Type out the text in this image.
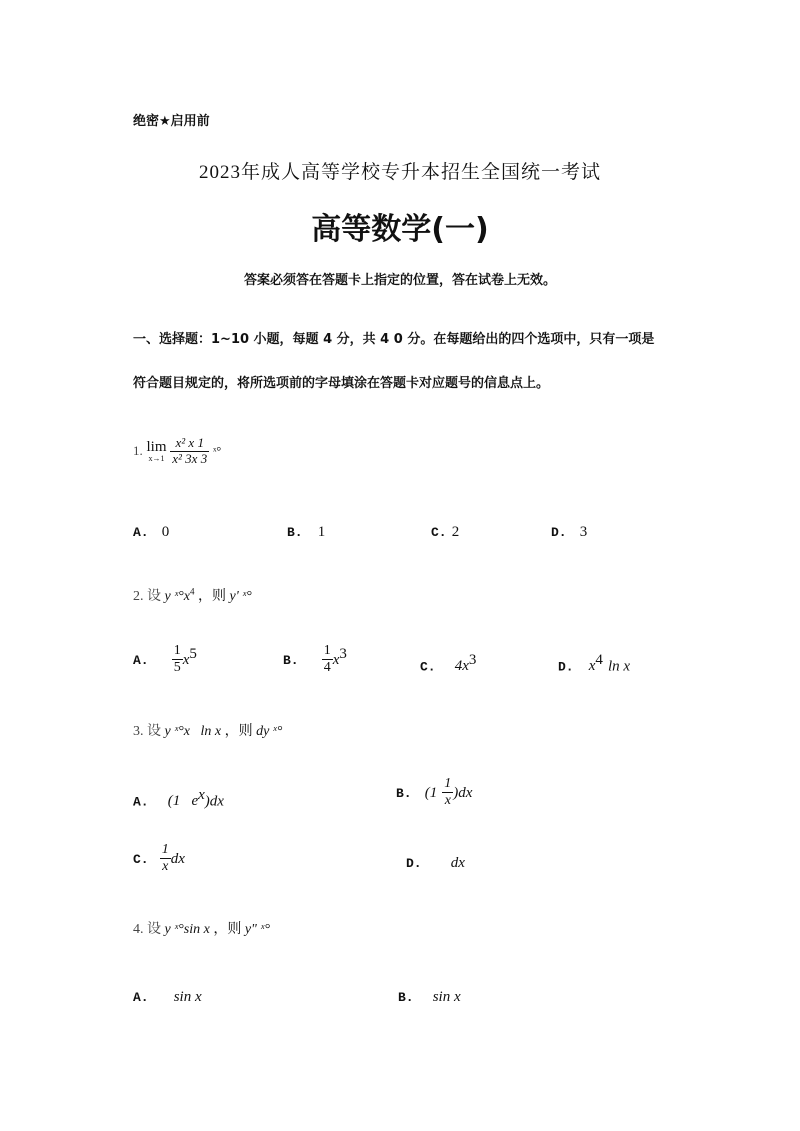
绝密★启用前
2023年成人高等学校专升本招生全国统一考试
高等数学(一)
答案必须答在答题卡上指定的位置，答在试卷上无效。
一、选择题：1~10 小题，每题 4 分，共 4 0 分。在每题给出的四个选项中，只有一项是
符合题目规定的，将所选项前的字母填涂在答题卡对应题号的信息点上。
1. lim
x→1
$\frac{\text{x² x 1}}{\text{x² 3x 3}}$ ˣ°
A. 0	B. 1	C. 2	D. 3
2. 设 y $ˣ^\circ x^4$ ，则 y' ˣ°
A. $\frac{1}{5} x^5$	B. $\frac{1}{4} x^3$
C. $4x^3$	D. $x^4$ ln x
3. 设 y ˣ°x   ln x ，则 dy ˣ°
A. (1   $e^x)dx$	B. $(1 \frac{1}{x} )dx$
C. $\frac{1}{x}$ dx	D. dx
4. 设 y ˣ°sin x ，则 y" ˣ°
A. sin x	B. sin x
